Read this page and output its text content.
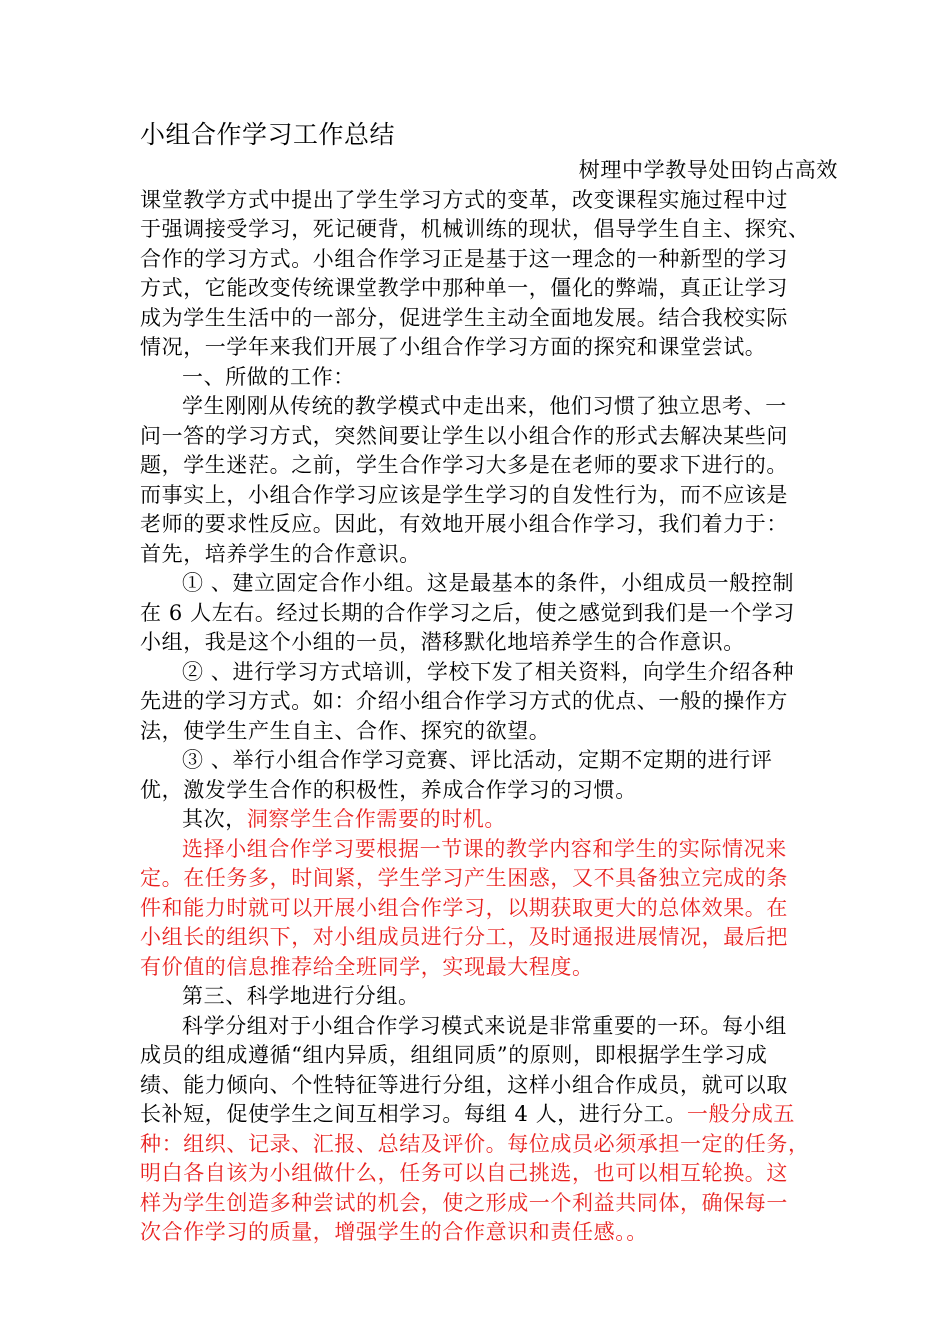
小组合作学习工作总结
树理中学教导处田钧占高效
课堂教学方式中提出了学生学习方式的变革，改变课程实施过程中过
于强调接受学习，死记硬背，机械训练的现状，倡导学生自主、探究、
合作的学习方式。小组合作学习正是基于这一理念的一种新型的学习
方式，它能改变传统课堂教学中那种单一，僵化的弊端，真正让学习
成为学生生活中的一部分，促进学生主动全面地发展。结合我校实际
情况，一学年来我们开展了小组合作学习方面的探究和课堂尝试。
一、所做的工作：
学生刚刚从传统的教学模式中走出来，他们习惯了独立思考、一
问一答的学习方式，突然间要让学生以小组合作的形式去解决某些问
题，学生迷茫。之前，学生合作学习大多是在老师的要求下进行的。
而事实上，小组合作学习应该是学生学习的自发性行为，而不应该是
老师的要求性反应。因此，有效地开展小组合作学习，我们着力于：
首先，培养学生的合作意识。
① 、建立固定合作小组。这是最基本的条件，小组成员一般控制
在 6 人左右。经过长期的合作学习之后，使之感觉到我们是一个学习
小组，我是这个小组的一员，潜移默化地培养学生的合作意识。
② 、进行学习方式培训，学校下发了相关资料，向学生介绍各种
先进的学习方式。如：介绍小组合作学习方式的优点、一般的操作方
法，使学生产生自主、合作、探究的欲望。
③ 、举行小组合作学习竞赛、评比活动，定期不定期的进行评
优，激发学生合作的积极性，养成合作学习的习惯。
其次，洞察学生合作需要的时机。
选择小组合作学习要根据一节课的教学内容和学生的实际情况来
定。在任务多，时间紧，学生学习产生困惑，又不具备独立完成的条
件和能力时就可以开展小组合作学习，以期获取更大的总体效果。在
小组长的组织下，对小组成员进行分工，及时通报进展情况，最后把
有价值的信息推荐给全班同学，实现最大程度。
第三、科学地进行分组。
科学分组对于小组合作学习模式来说是非常重要的一环。每小组
成员的组成遵循“组内异质，组组同质”的原则，即根据学生学习成
绩、能力倾向、个性特征等进行分组，这样小组合作成员，就可以取
长补短，促使学生之间互相学习。每组 4 人，进行分工。一般分成五
种：组织、记录、汇报、总结及评价。每位成员必须承担一定的任务，
明白各自该为小组做什么，任务可以自己挑选，也可以相互轮换。这
样为学生创造多种尝试的机会，使之形成一个利益共同体，确保每一
次合作学习的质量，增强学生的合作意识和责任感。。
